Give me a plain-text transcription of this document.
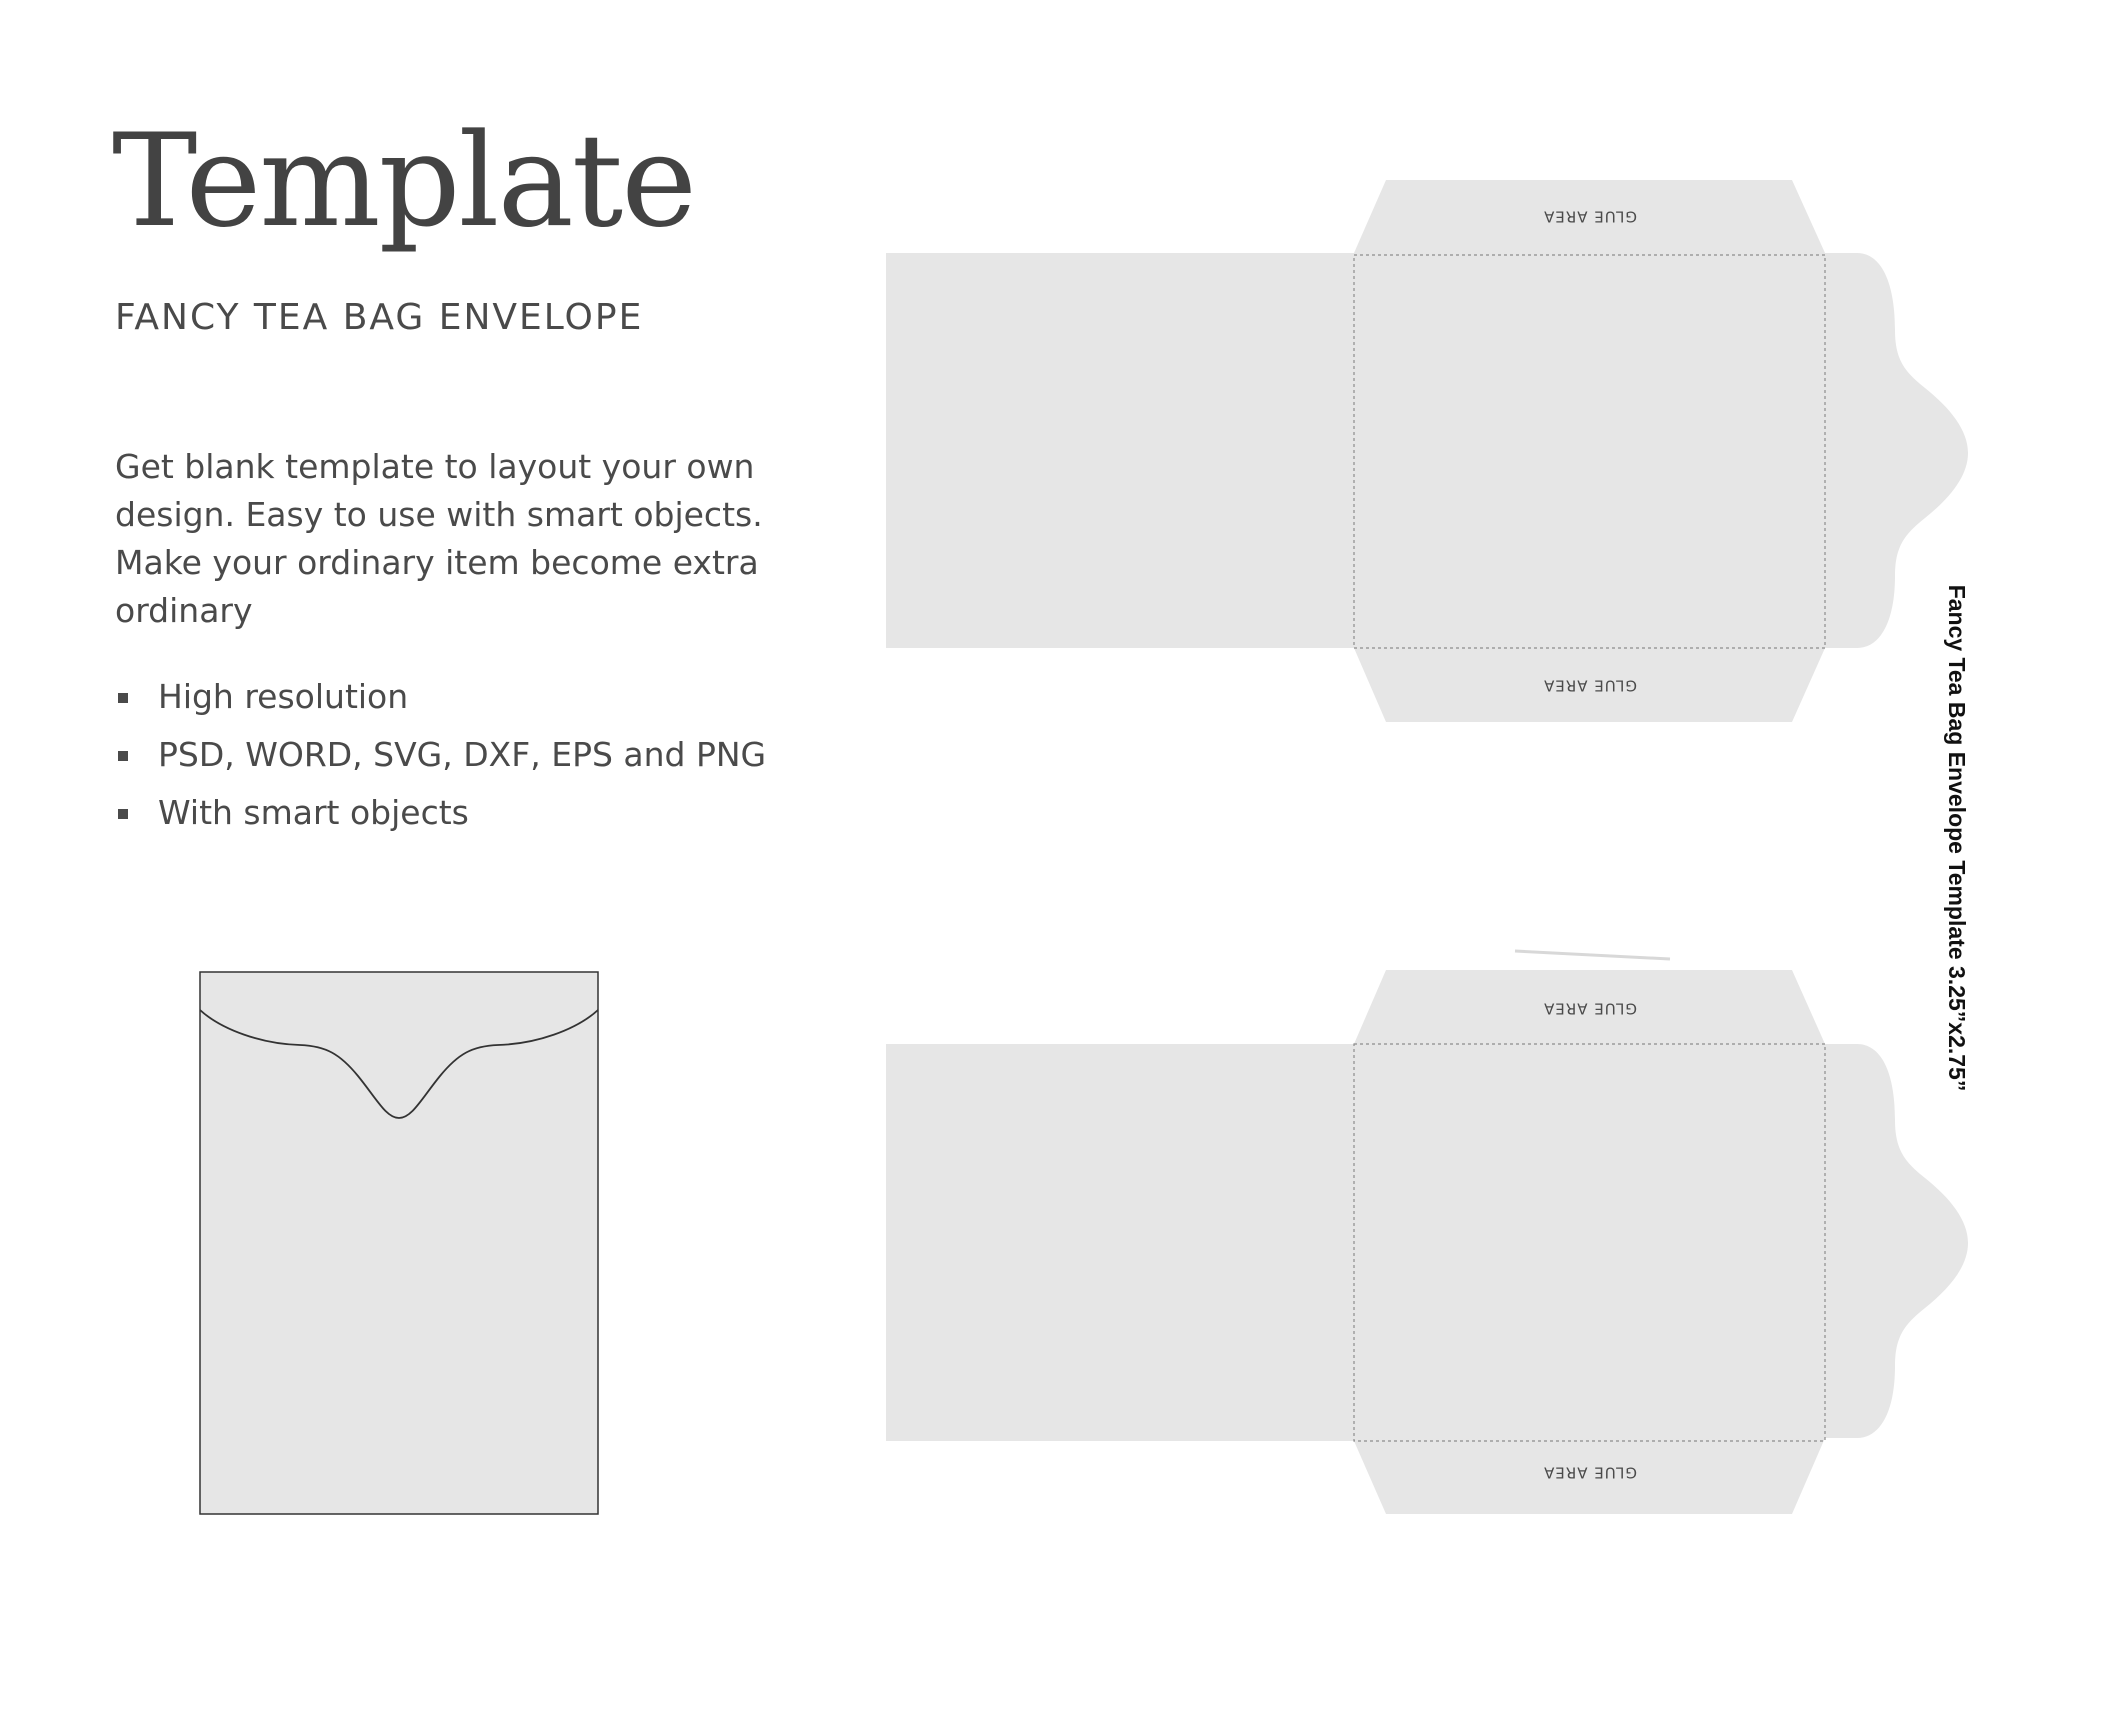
Template
FANCY TEA BAG ENVELOPE

Get blank template to layout your own design. Easy to use with smart objects. Make your ordinary item become extra ordinary

High resolution
PSD, WORD, SVG, DXF, EPS and PNG
With smart objects
GLUE AREA
GLUE AREA
GLUE AREA
GLUE AREA
Fancy Tea Bag Envelope Template 3.25”x2.75”
